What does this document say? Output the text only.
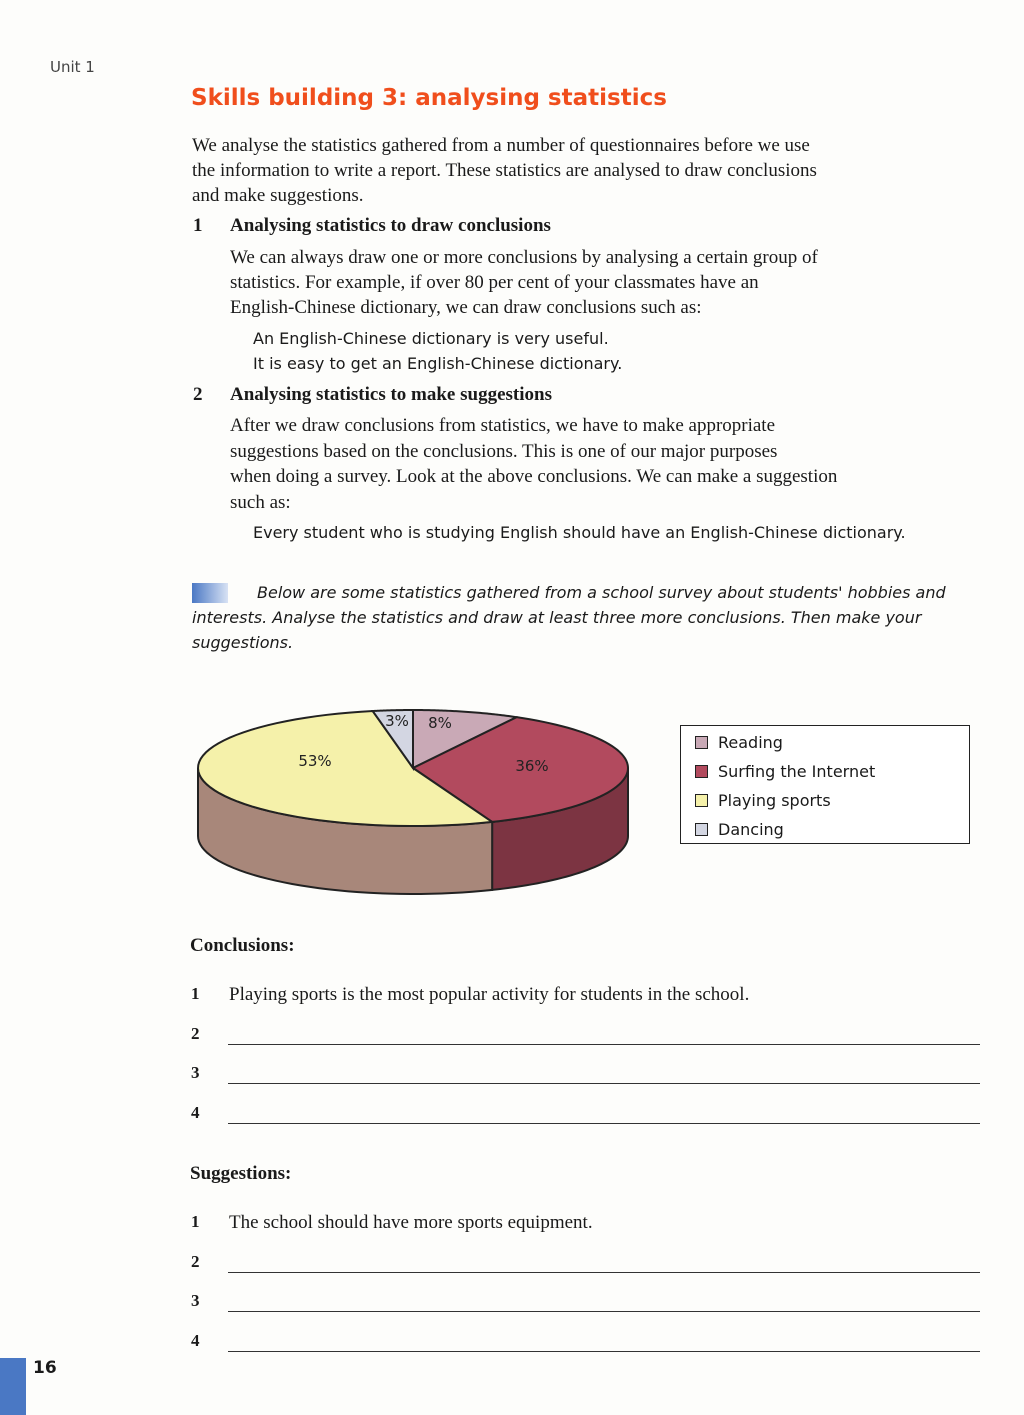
Unit 1
Skills building 3: analysing statistics
We analyse the statistics gathered from a number of questionnaires before we use
the information to write a report. These statistics are analysed to draw conclusions
and make suggestions.
1 Analysing statistics to draw conclusions
We can always draw one or more conclusions by analysing a certain group of
statistics. For example, if over 80 per cent of your classmates have an
English-Chinese dictionary, we can draw conclusions such as:
An English-Chinese dictionary is very useful.
It is easy to get an English-Chinese dictionary.
2 Analysing statistics to make suggestions
After we draw conclusions from statistics, we have to make appropriate
suggestions based on the conclusions. This is one of our major purposes
when doing a survey. Look at the above conclusions. We can make a suggestion
such as:
Every student who is studying English should have an English-Chinese dictionary.
Below are some statistics gathered from a school survey about students' hobbies and
interests. Analyse the statistics and draw at least three more conclusions. Then make your
suggestions.
8%
36%
53%
3%
Reading
Surfing the Internet
Playing sports
Dancing
Conclusions:
1 Playing sports is the most popular activity for students in the school.
2
3
4
Suggestions:
1 The school should have more sports equipment.
2
3
4
16
